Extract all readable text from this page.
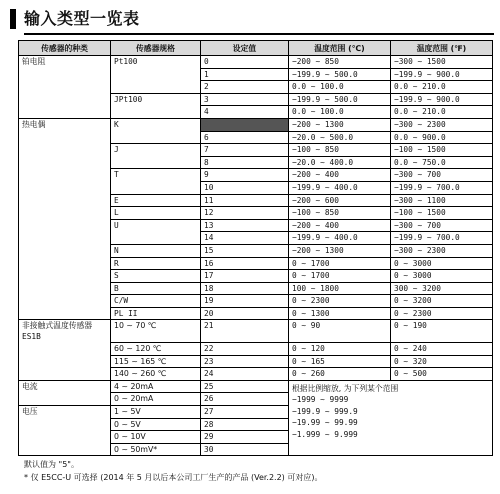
输入类型一览表
传感器的种类	传感器规格	设定值	温度范围 (℃)	温度范围 (℉)

铂电阻	Pt100	0	−200 ~ 850	−300 ~ 1500
		1	−199.9 ~ 500.0	−199.9 ~ 900.0
		2	0.0 ~ 100.0	0.0 ~ 210.0
	JPt100	3	−199.9 ~ 500.0	−199.9 ~ 900.0
		4	0.0 ~ 100.0	0.0 ~ 210.0

热电偶	K	5	−200 ~ 1300	−300 ~ 2300
		6	−20.0 ~ 500.0	0.0 ~ 900.0
	J	7	−100 ~ 850	−100 ~ 1500
		8	−20.0 ~ 400.0	0.0 ~ 750.0
	T	9	−200 ~ 400	−300 ~ 700
		10	−199.9 ~ 400.0	−199.9 ~ 700.0
	E	11	−200 ~ 600	−300 ~ 1100
	L	12	−100 ~ 850	−100 ~ 1500
	U	13	−200 ~ 400	−300 ~ 700
		14	−199.9 ~ 400.0	−199.9 ~ 700.0
	N	15	−200 ~ 1300	−300 ~ 2300
	R	16	0 ~ 1700	0 ~ 3000
	S	17	0 ~ 1700	0 ~ 3000
	B	18	100 ~ 1800	300 ~ 3200
	C/W	19	0 ~ 2300	0 ~ 3200
	PL II	20	0 ~ 1300	0 ~ 2300

非接触式温度传感器
ES1B	10 ~ 70 ℃	21	0 ~ 90	0 ~ 190
	60 ~ 120 ℃	22	0 ~ 120	0 ~ 240
	115 ~ 165 ℃	23	0 ~ 165	0 ~ 320
	140 ~ 260 ℃	24	0 ~ 260	0 ~ 500

电流	4 ~ 20mA	25	根据比例缩放, 为下列某个范围
−1999 ~ 9999
−199.9 ~ 999.9
−19.99 ~ 99.99
−1.999 ~ 9.999	

	0 ~ 20mA	26		

电压	1 ~ 5V	27		
	0 ~ 5V	28		
	0 ~ 10V	29		
	0 ~ 50mV*	30		
默认值为 "5"。
* 仅 E5CC-U 可选择 (2014 年 5 月以后本公司工厂生产的产品 (Ver.2.2) 可对应)。
